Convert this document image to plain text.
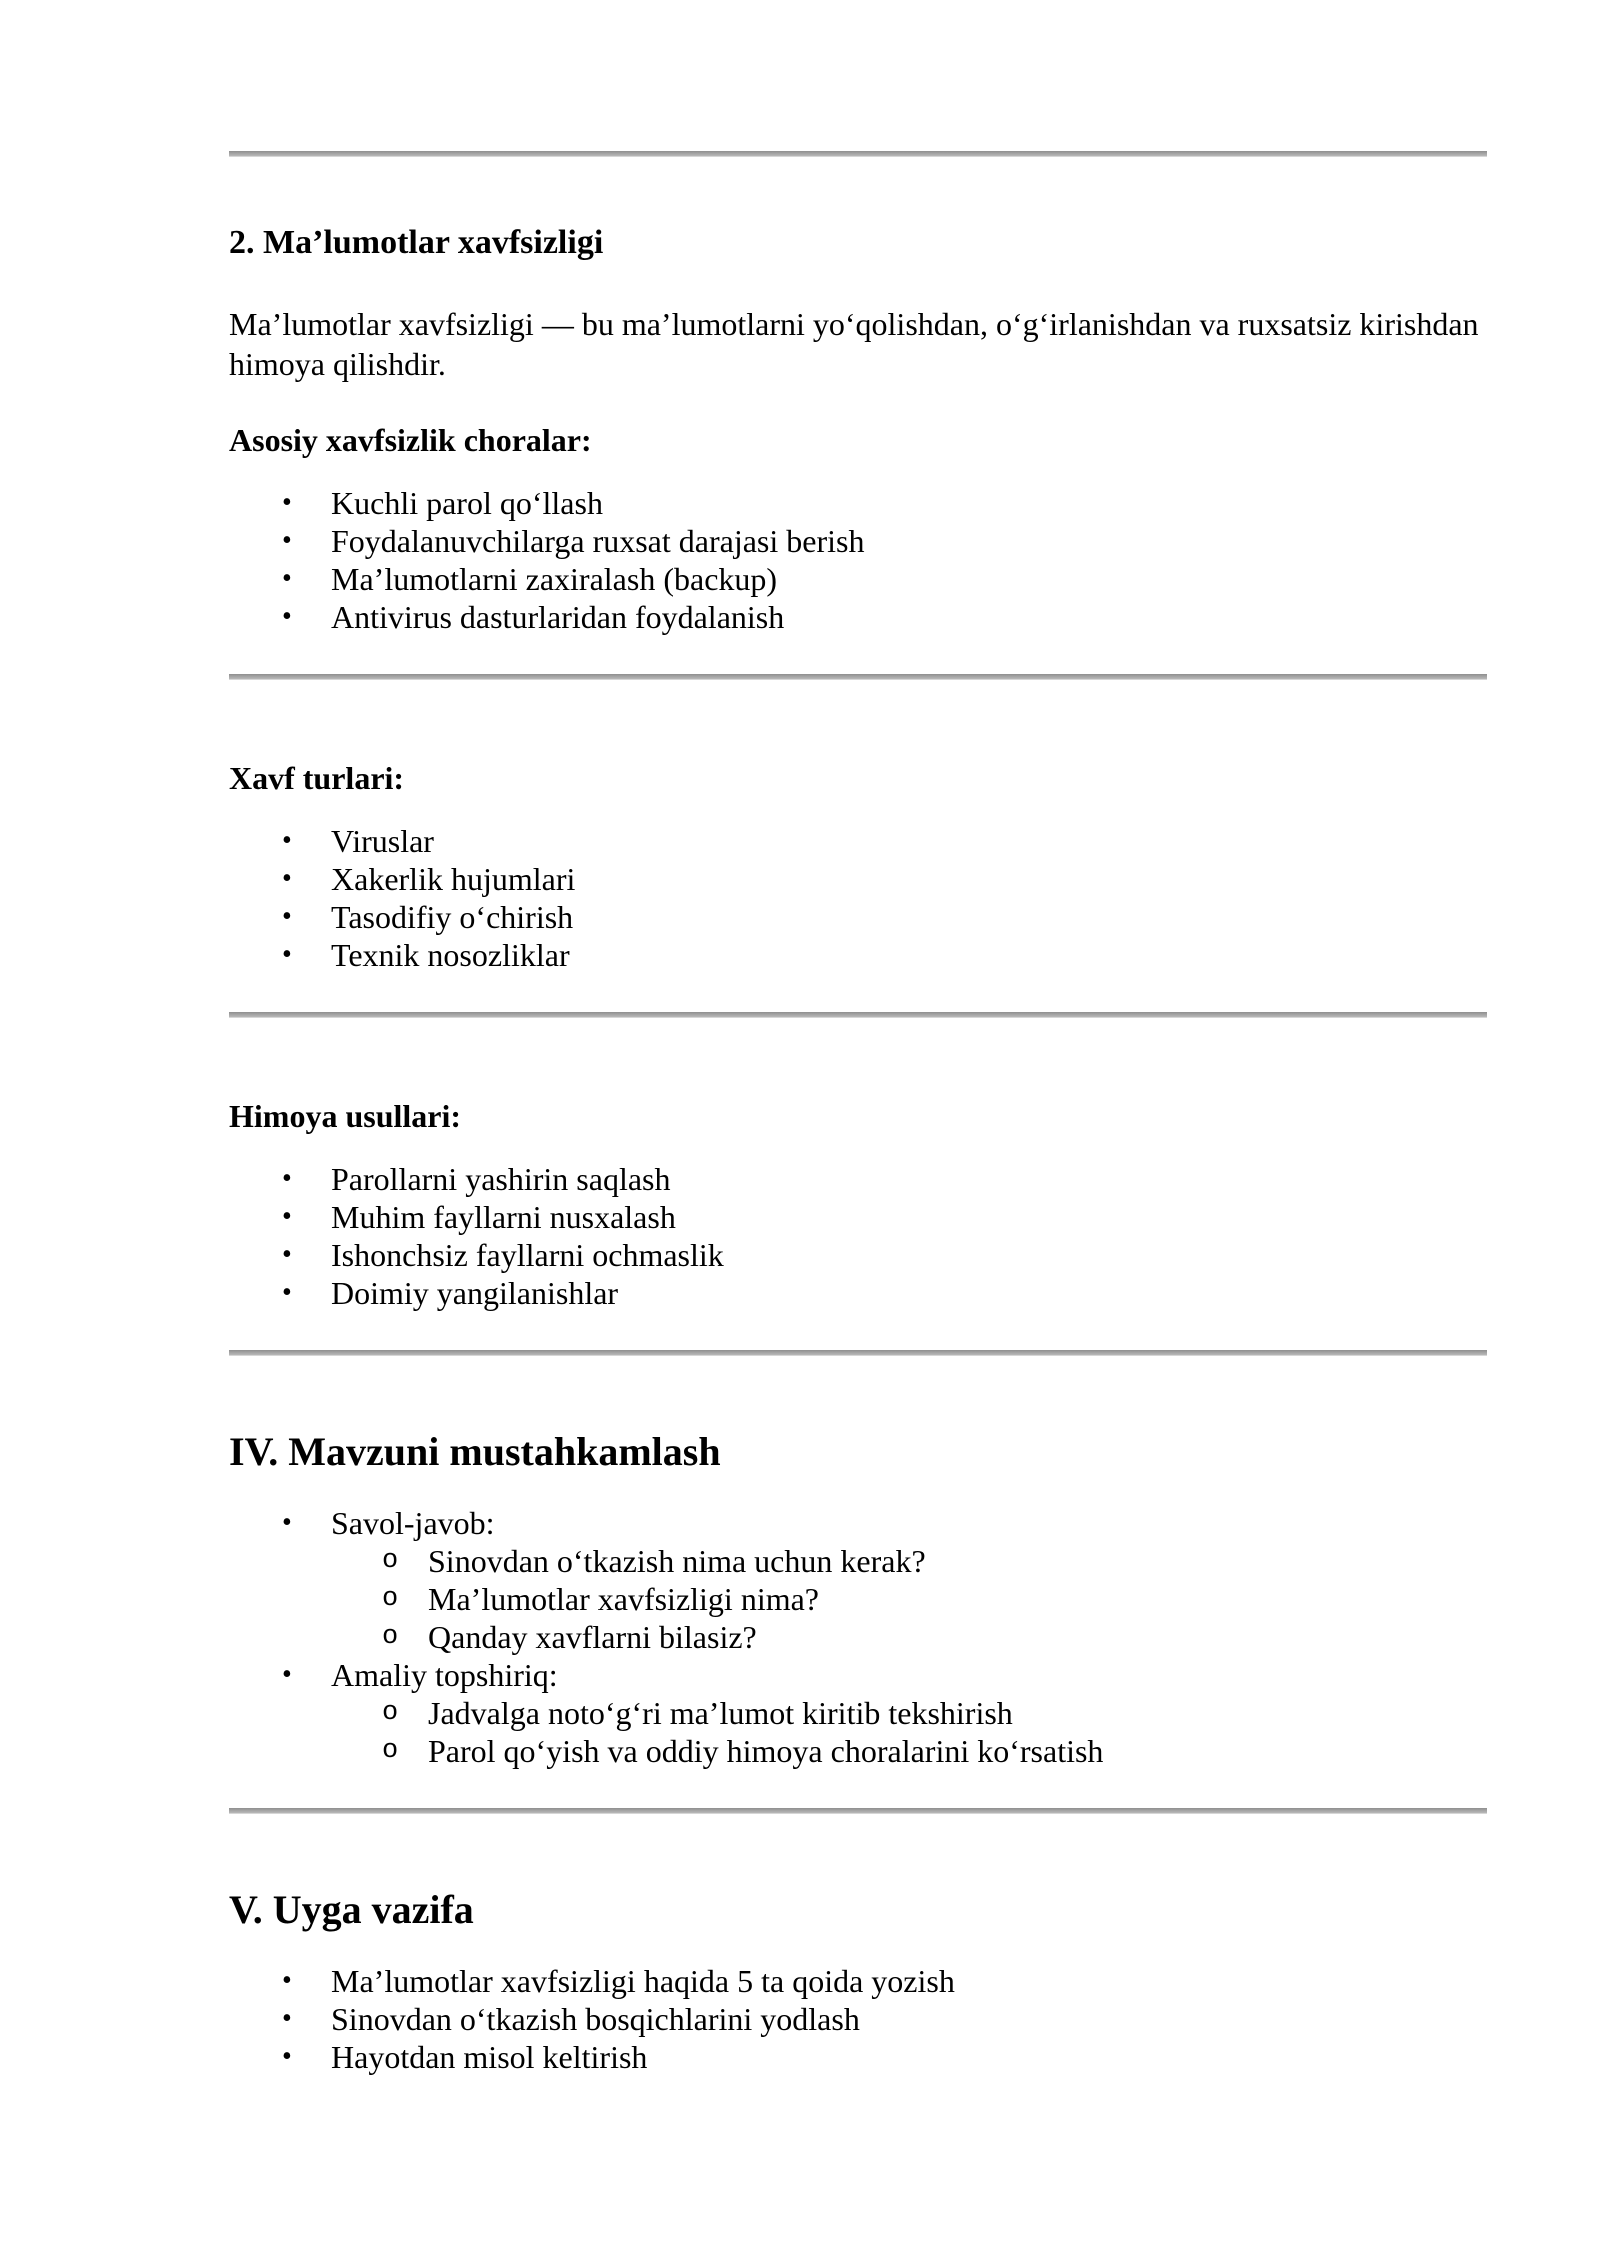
2. Ma’lumotlar xavfsizligi

Ma’lumotlar xavfsizligi — bu ma’lumotlarni yoʻqolishdan, oʻgʻirlanishdan va ruxsatsiz kirishdan himoya qilishdir.

Asosiy xavfsizlik choralar:

• Kuchli parol qoʻllash
• Foydalanuvchilarga ruxsat darajasi berish
• Ma’lumotlarni zaxiralash (backup)
• Antivirus dasturlaridan foydalanish

Xavf turlari:

• Viruslar
• Xakerlik hujumlari
• Tasodifiy oʻchirish
• Texnik nosozliklar

Himoya usullari:

• Parollarni yashirin saqlash
• Muhim fayllarni nusxalash
• Ishonchsiz fayllarni ochmaslik
• Doimiy yangilanishlar
IV. Mavzuni mustahkamlash
• Savol-javob:
o Sinovdan oʻtkazish nima uchun kerak?
o Ma’lumotlar xavfsizligi nima?
o Qanday xavflarni bilasiz?
• Amaliy topshiriq:
o Jadvalga notoʻgʻri ma’lumot kiritib tekshirish
o Parol qoʻyish va oddiy himoya choralarini koʻrsatish
V. Uyga vazifa
• Ma’lumotlar xavfsizligi haqida 5 ta qoida yozish
• Sinovdan oʻtkazish bosqichlarini yodlash
• Hayotdan misol keltirish
